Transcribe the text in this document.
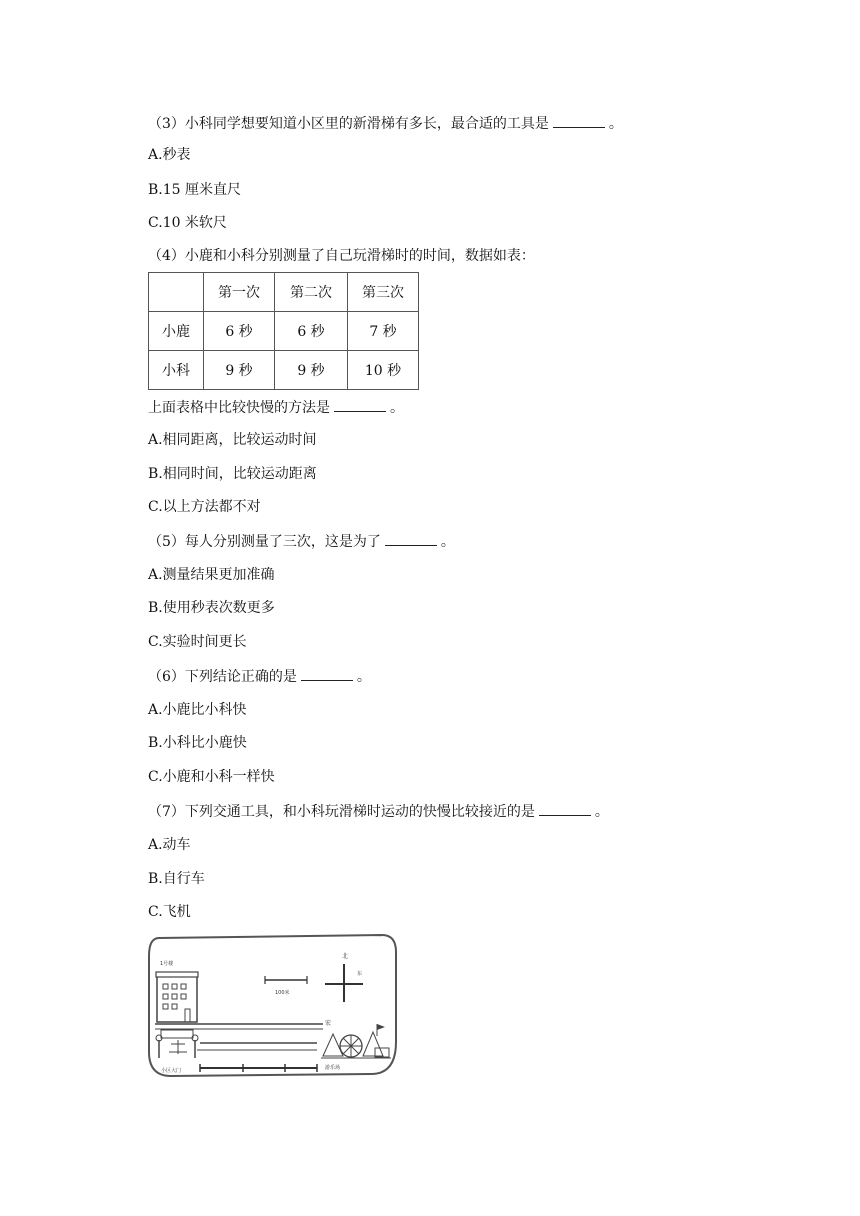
（3）小科同学想要知道小区里的新滑梯有多长，最合适的工具是	。
A.秒表
B.15 厘米直尺
C.10 米软尺
（4）小鹿和小科分别测量了自己玩滑梯时的时间，数据如表：
	第一次	第二次	第三次
小鹿	6 秒	6 秒	7 秒
小科	9 秒	9 秒	10 秒
上面表格中比较快慢的方法是	。
A.相同距离，比较运动时间
B.相同时间，比较运动距离
C.以上方法都不对
（5）每人分别测量了三次，这是为了	。
A.测量结果更加准确
B.使用秒表次数更多
C.实验时间更长
（6）下列结论正确的是	。
A.小鹿比小科快
B.小科比小鹿快
C.小鹿和小科一样快
（7）下列交通工具，和小科玩滑梯时运动的快慢比较接近的是	。
A.动车
B.自行车
C.飞机
1号楼
100米
北
东
宏
小区大门	游乐场
